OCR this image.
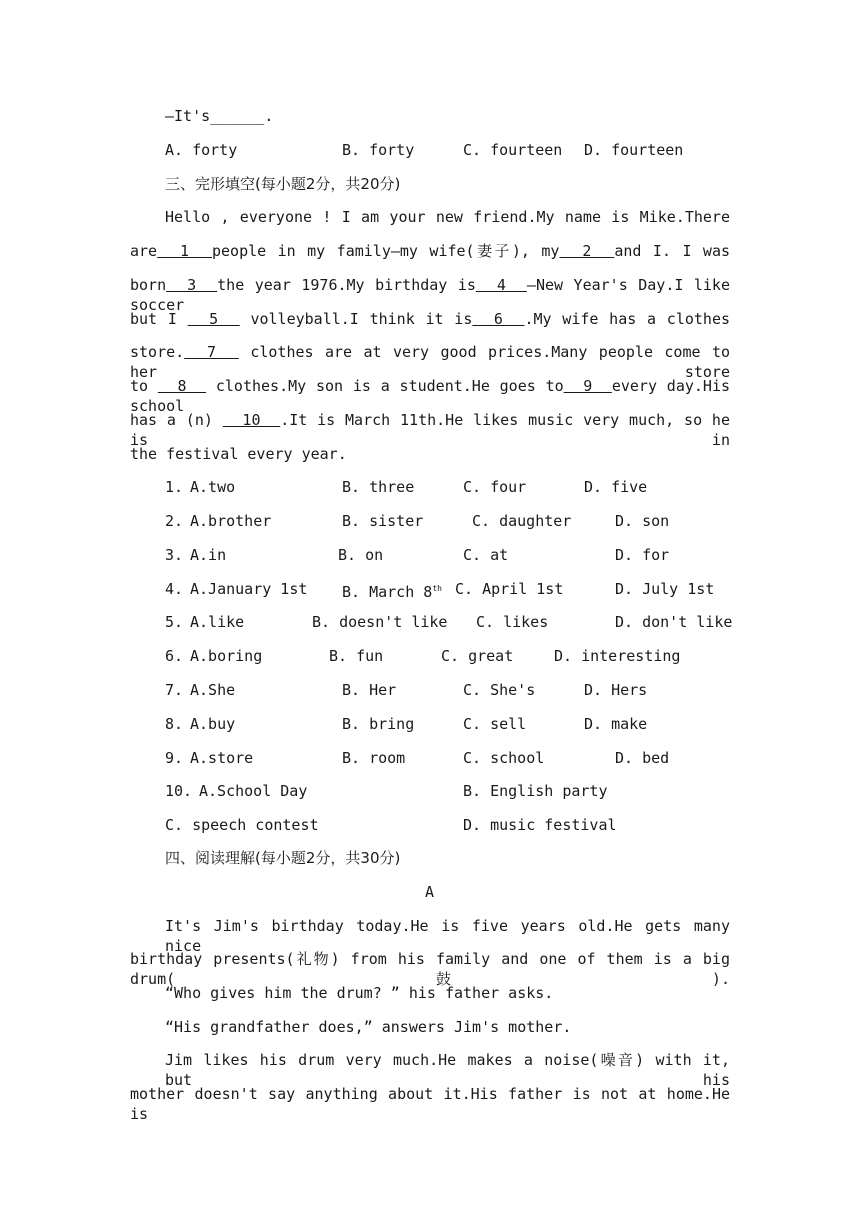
—It's______.
A. forty	B. forty	C. fourteen D. fourteen
三、完形填空(每小题2分，共20分)
Hello , everyone ! I am your new friend.My name is Mike.There
are  1  people in my family—my wife(妻子), my  2  and I. I was
born  3  the year 1976.My birthday is  4  —New Year's Day.I like soccer
but I   5   volleyball.I think it is  6  .My wife has a clothes
store.  7   clothes are at very good prices.Many people come to her store
to   8   clothes.My son is a student.He goes to  9  every day.His school
has a (n)   10  .It is March 11th.He likes music very much, so he is in
the festival every year.
1. A.two	B. three	C. four	D. five
2. A.brother	B. sister	C. daughter	D. son
3. A.in	B. on	C. at	D. for
4. A.January 1st B. March 8th C. April 1st	D. July 1st
5. A.like	B. doesn't like C. likes	D. don't like
6. A.boring	B. fun	C. great	D. interesting
7. A.She	B. Her	C. She's	D. Hers
8. A.buy	B. bring	C. sell	D. make
9. A.store	B. room	C. school	D. bed
10. A.School Day	B. English party
C. speech contest	D. music festival
四、阅读理解(每小题2分，共30分)
A
It's Jim's birthday today.He is five years old.He gets many nice
birthday presents(礼物) from his family and one of them is a big drum(鼓).
“Who gives him the drum? ” his father asks.
“His grandfather does,” answers Jim's mother.
Jim likes his drum very much.He makes a noise(噪音) with it, but his
mother doesn't say anything about it.His father is not at home.He is
